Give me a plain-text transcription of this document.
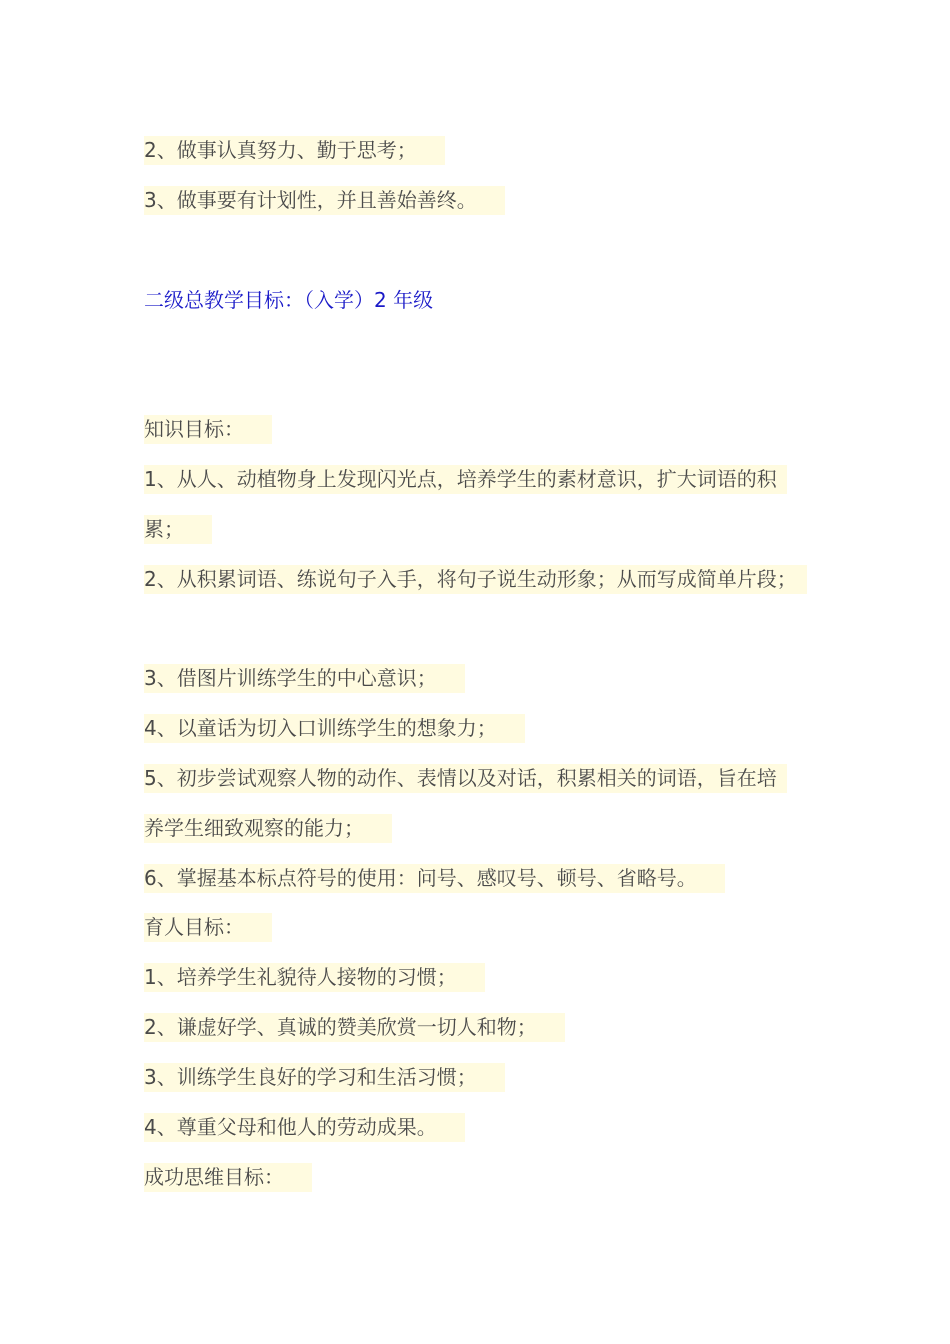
2、做事认真努力、勤于思考；
3、做事要有计划性，并且善始善终。
二级总教学目标：（入学）2 年级
知识目标：
1、从人、动植物身上发现闪光点，培养学生的素材意识，扩大词语的积
累；
2、从积累词语、练说句子入手，将句子说生动形象；从而写成简单片段；
3、借图片训练学生的中心意识；
4、以童话为切入口训练学生的想象力；
5、初步尝试观察人物的动作、表情以及对话，积累相关的词语，旨在培
养学生细致观察的能力；
6、掌握基本标点符号的使用：问号、感叹号、顿号、省略号。
育人目标：
1、培养学生礼貌待人接物的习惯；
2、谦虚好学、真诚的赞美欣赏一切人和物；
3、训练学生良好的学习和生活习惯；
4、尊重父母和他人的劳动成果。
成功思维目标：
